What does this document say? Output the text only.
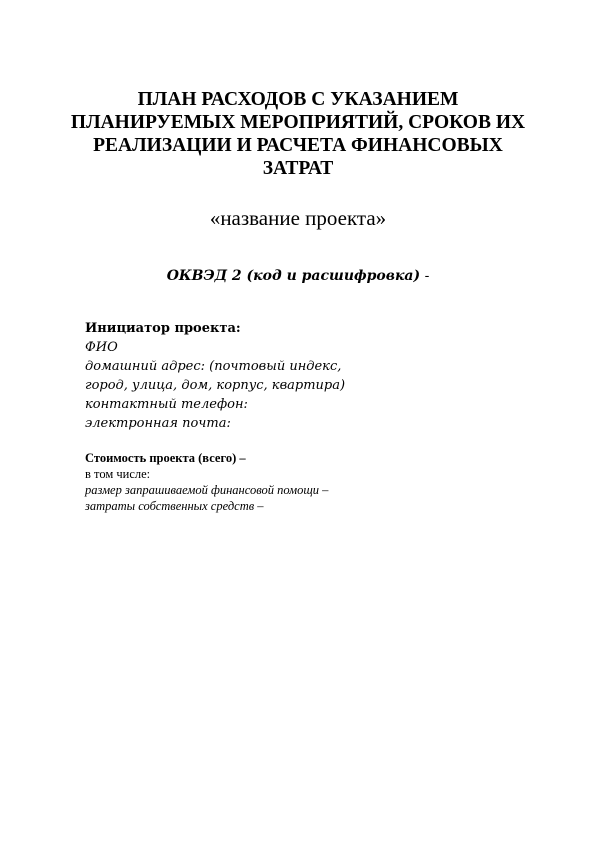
ПЛАН РАСХОДОВ С УКАЗАНИЕМ
ПЛАНИРУЕМЫХ МЕРОПРИЯТИЙ, СРОКОВ ИХ
РЕАЛИЗАЦИИ И РАСЧЕТА ФИНАНСОВЫХ
ЗАТРАТ

«название проекта»

ОКВЭД 2 (код и расшифровка) -

Инициатор проекта:
ФИО
домашний адрес: (почтовый индекс,
город, улица, дом, корпус, квартира)
контактный телефон:
электронная почта:
Стоимость проекта (всего) –
в том числе:
размер запрашиваемой финансовой помощи –
затраты собственных средств –
